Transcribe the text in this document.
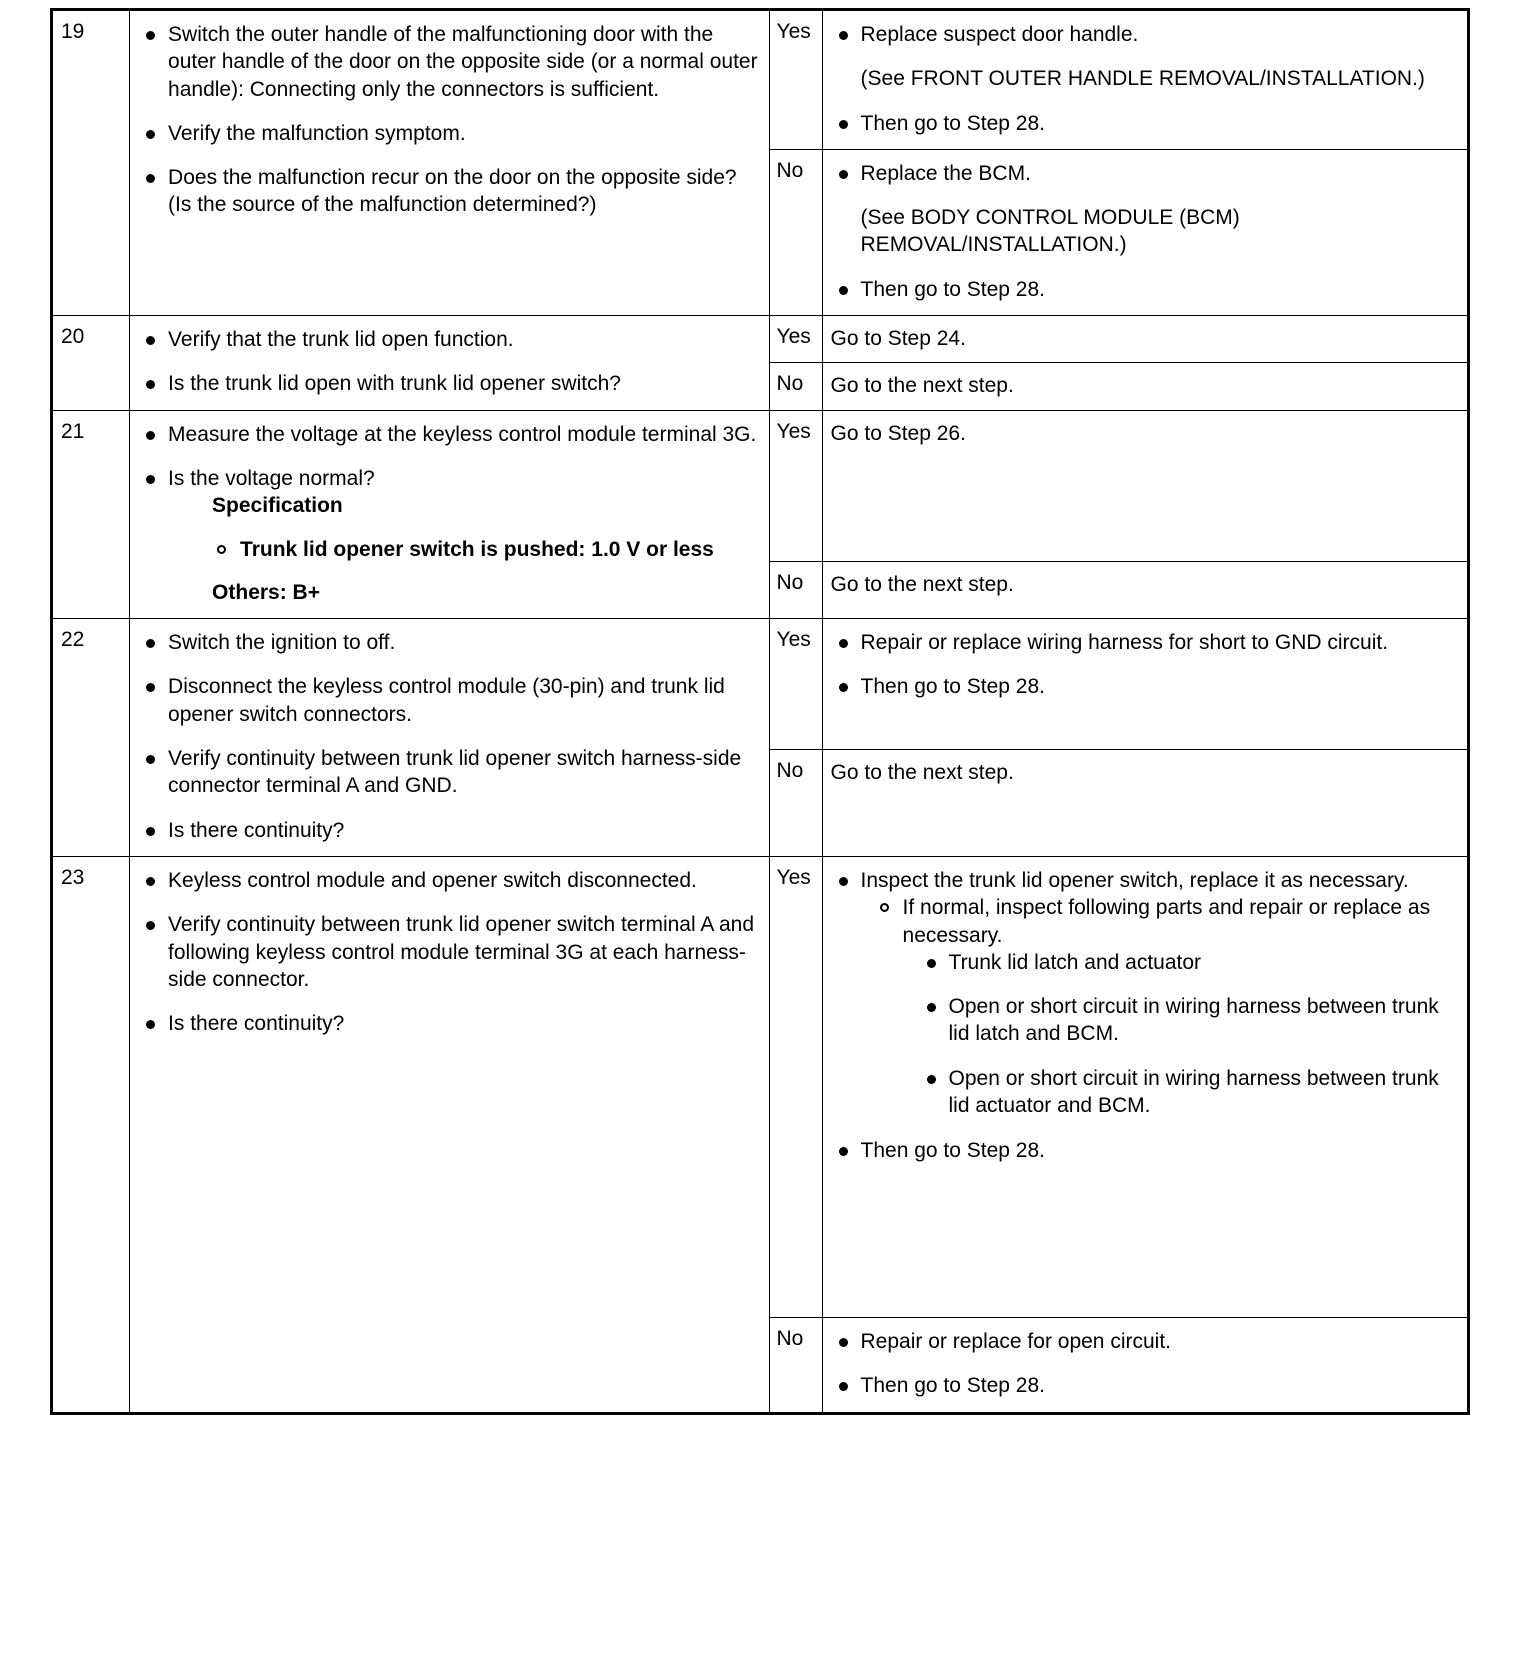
19	Switch the outer handle of the malfunctioning door with the outer handle of the door on the opposite side (or a normal outer handle): Connecting only the connectors is sufficient.
Verify the malfunction symptom.
Does the malfunction recur on the door on the opposite side? (Is the source of the malfunction determined?)

Yes	Replace suspect door handle.
(See FRONT OUTER HANDLE REMOVAL/INSTALLATION.)
Then go to Step 28.

No	Replace the BCM.
(See BODY CONTROL MODULE (BCM) REMOVAL/INSTALLATION.)
Then go to Step 28.

20	Verify that the trunk lid open function.
Is the trunk lid open with trunk lid opener switch?

Yes	Go to Step 24.

		No	Go to the next step.

21	Measure the voltage at the keyless control module terminal 3G.
Is the voltage normal?
Specification
Trunk lid opener switch is pushed: 1.0 V or less
Others: B+

Yes	Go to Step 26.

		No	Go to the next step.

22	Switch the ignition to off.
Disconnect the keyless control module (30-pin) and trunk lid opener switch connectors.
Verify continuity between trunk lid opener switch harness-side connector terminal A and GND.
Is there continuity?

Yes	Repair or replace wiring harness for short to GND circuit.
Then go to Step 28.

		No	Go to the next step.

23	Keyless control module and opener switch disconnected.
Verify continuity between trunk lid opener switch terminal A and following keyless control module terminal 3G at each harness-side connector.
Is there continuity?

Yes	Inspect the trunk lid opener switch, replace it as necessary.
If normal, inspect following parts and repair or replace as necessary.
Trunk lid latch and actuator
Open or short circuit in wiring harness between trunk lid latch and BCM.
Open or short circuit in wiring harness between trunk lid actuator and BCM.
Then go to Step 28.

No	Repair or replace for open circuit.
Then go to Step 28.
